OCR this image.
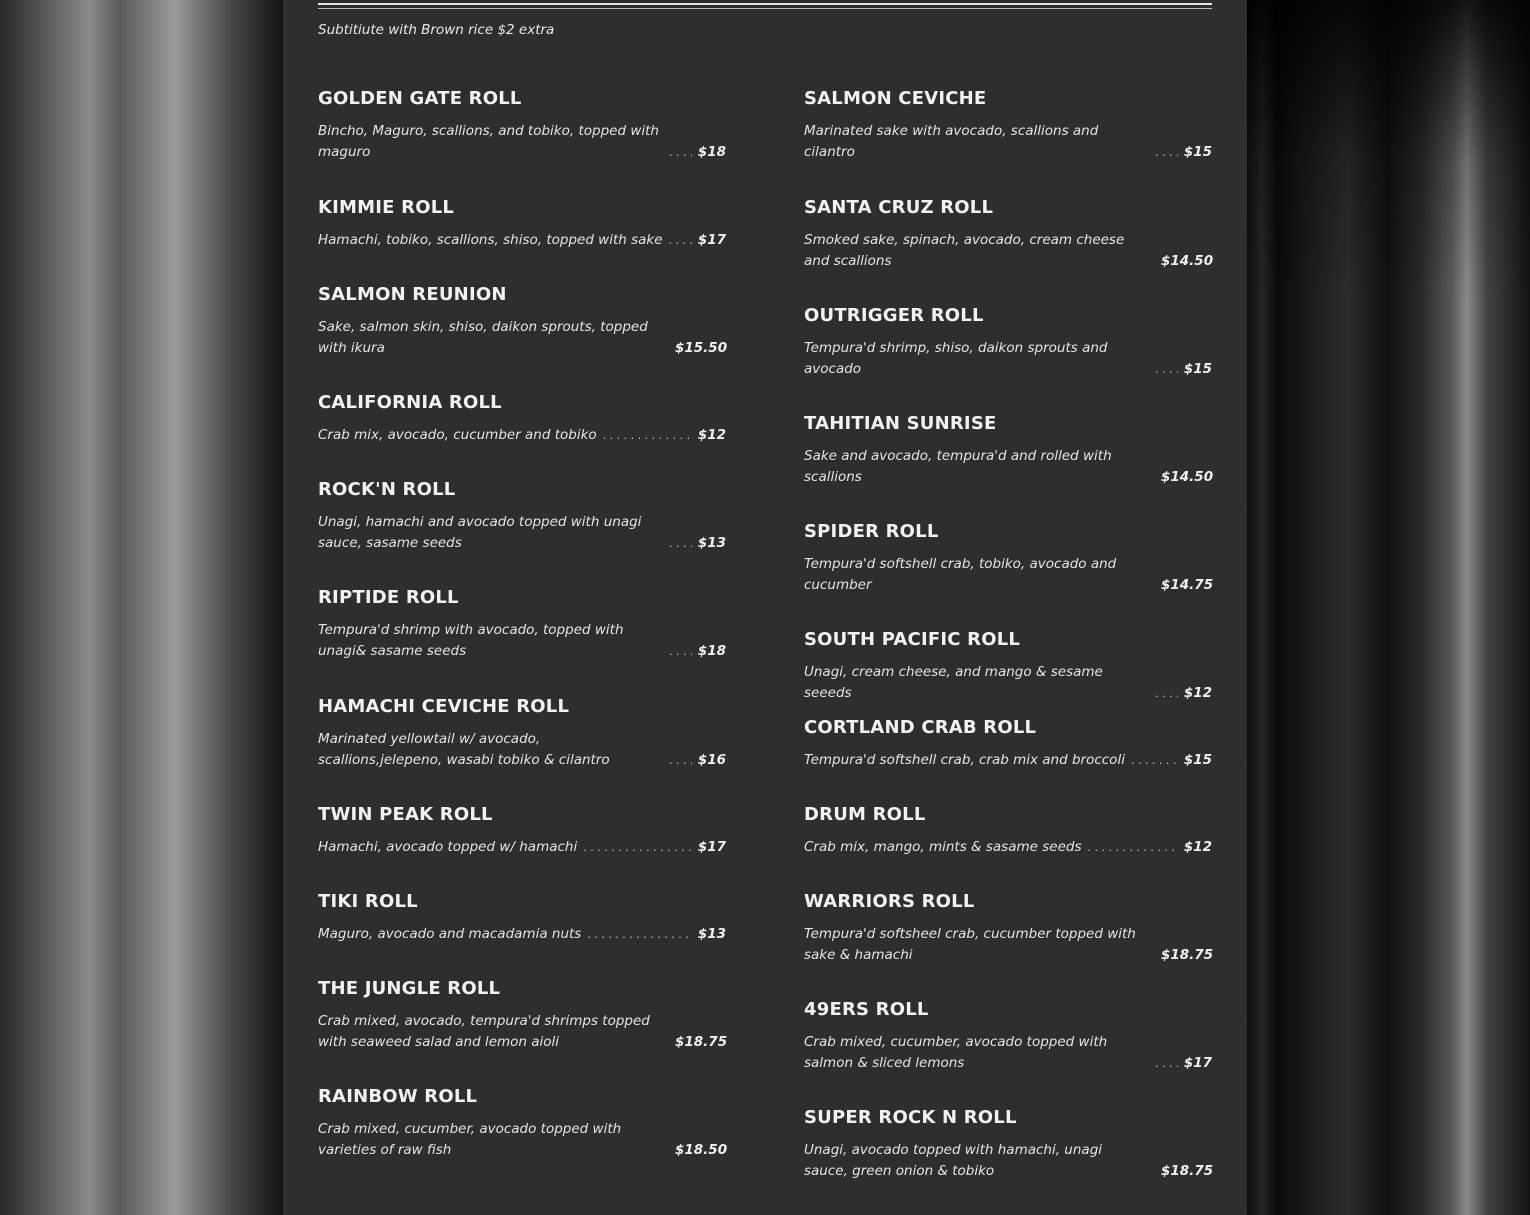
Subtitiute with Brown rice $2 extra
GOLDEN GATE ROLL
Bincho, Maguro, scallions, and tobiko, topped with maguro . . .	$18
KIMMIE ROLL
Hamachi, tobiko, scallions, shiso, topped with sake . . .	$17
SALMON REUNION
Sake, salmon skin, shiso, daikon sprouts, topped with ikura	$15.50
CALIFORNIA ROLL
Crab mix, avocado, cucumber and tobiko . . .	$12
ROCK'N ROLL
Unagi, hamachi and avocado topped with unagi sauce, sasame seeds . . .	$13
RIPTIDE ROLL
Tempura'd shrimp with avocado, topped with unagi& sasame seeds . . .	$18
HAMACHI CEVICHE ROLL
Marinated yellowtail w/ avocado, scallions,jelepeno, wasabi tobiko & cilantro . . .	$16
TWIN PEAK ROLL
Hamachi, avocado topped w/ hamachi . . .	$17
TIKI ROLL
Maguro, avocado and macadamia nuts . . .	$13
THE JUNGLE ROLL
Crab mixed, avocado, tempura'd shrimps topped with seaweed salad and lemon aioli	$18.75
RAINBOW ROLL
Crab mixed, cucumber, avocado topped with varieties of raw fish	$18.50
SALMON CEVICHE
Marinated sake with avocado, scallions and cilantro . . .	$15
SANTA CRUZ ROLL
Smoked sake, spinach, avocado, cream cheese and scallions	$14.50
OUTRIGGER ROLL
Tempura'd shrimp, shiso, daikon sprouts and avocado . . .	$15
TAHITIAN SUNRISE
Sake and avocado, tempura'd and rolled with scallions	$14.50
SPIDER ROLL
Tempura'd softshell crab, tobiko, avocado and cucumber	$14.75
SOUTH PACIFIC ROLL
Unagi, cream cheese, and mango & sesame seeeds . . .	$12
CORTLAND CRAB ROLL
Tempura'd softshell crab, crab mix and broccoli . . .	$15
DRUM ROLL
Crab mix, mango, mints & sasame seeds . . .	$12
WARRIORS ROLL
Tempura'd softsheel crab, cucumber topped with sake & hamachi	$18.75
49ERS ROLL
Crab mixed, cucumber, avocado topped with salmon & sliced lemons . . .	$17
SUPER ROCK N ROLL
Unagi, avocado topped with hamachi, unagi sauce, green onion & tobiko	$18.75
